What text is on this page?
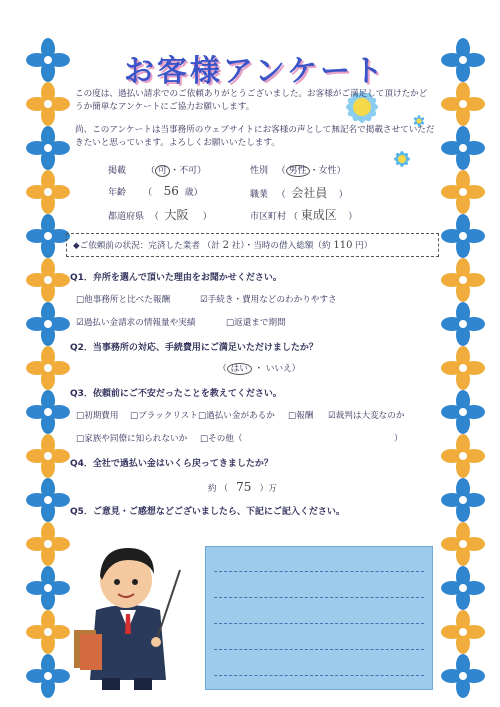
お客様アンケート
この度は、過払い請求でのご依頼ありがとうございました。お客様がご満足して頂けたかどうか簡単なアンケートにご協力お願いします。
尚、このアンケートは当事務所のウェブサイトにお客様の声として無記名で掲載させていただきたいと思っています。よろしくお願いいたします。
掲載       （ 可 ・不可）	性別   （ 男性 ・女性）
年齢      （    56 歳）	職業   （  会社員    ）
都道府県  （  大阪     ）	市区町村 （ 東成区    ）
◆ご依頼前の状況：完済した業者 （計 2 社）・当時の借入総額（約 110 円）
Q1．弁所を選んで頂いた理由をお聞かせください。
□他事務所と比べた報酬	☑手続き・費用などのわかりやすさ
☑過払い金請求の情報量や実績	□返還まで期間
Q2．当事務所の対応、手続費用にご満足いただけましたか？
（ はい ・ いいえ）
Q3．依頼前にご不安だったことを教えてください。
□初期費用 □ブラックリスト □過払い金があるか □報酬 ☑裁判は大変なのか
□家族や同僚に知られないか □その他（	）
Q4．全社で過払い金はいくら戻ってきましたか？
約 （   75   ）万
Q5．ご意見・ご感想などございましたら、下記にご記入ください。
